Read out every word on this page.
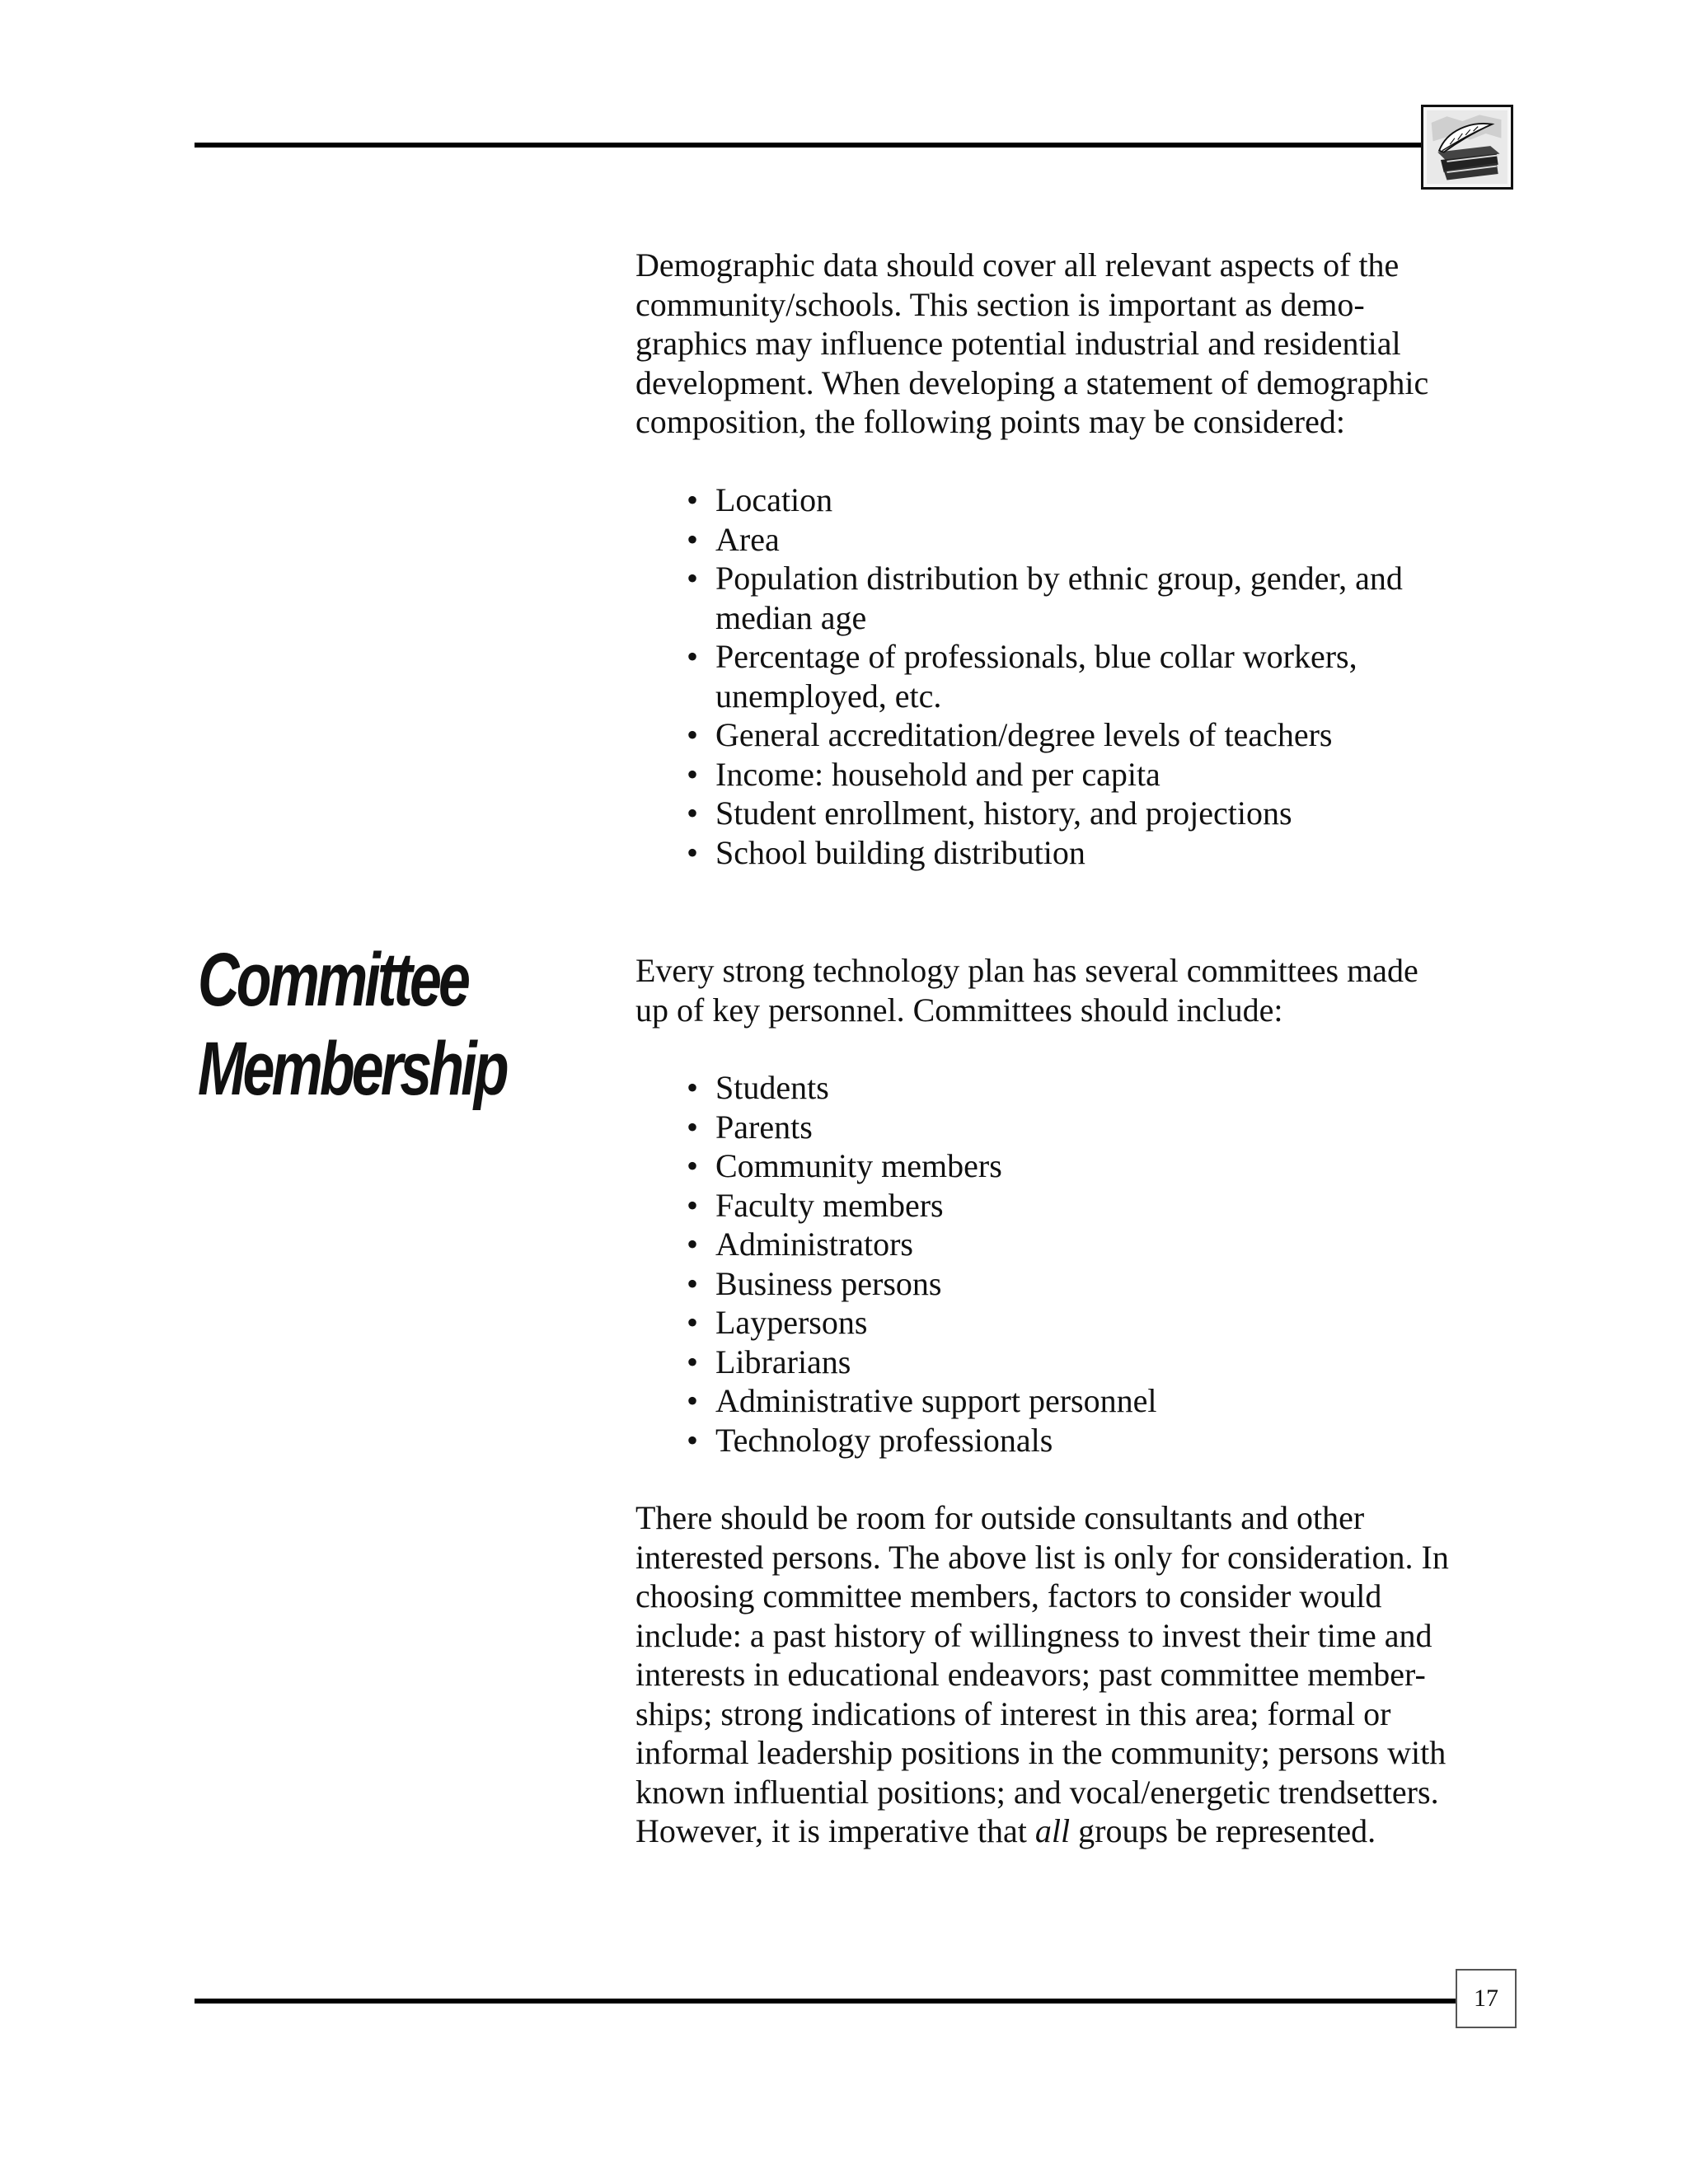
Committee
Membership

Demographic data should cover all relevant aspects of the

community/schools. This section is important as demo-

graphics may influence potential industrial and residential

development. When developing a statement of demographic

composition, the following points may be considered:

• Location
• Area
• Population distribution by ethnic group, gender, and

median age

• Percentage of professionals, blue collar workers,

unemployed, etc.

• General accreditation/degree levels of teachers
• Income: household and per capita
• Student enrollment, history, and projections
• School building distribution

Every strong technology plan has several committees made

up of key personnel. Committees should include:

• Students
• Parents
• Community members
• Faculty members
• Administrators
• Business persons
• Laypersons
• Librarians
• Administrative support personnel
• Technology professionals

There should be room for outside consultants and other

interested persons. The above list is only for consideration. In

choosing committee members, factors to consider would

include: a past history of willingness to invest their time and

interests in educational endeavors; past committee member-

ships; strong indications of interest in this area; formal or

informal leadership positions in the community; persons with

known influential positions; and vocal/energetic trendsetters.

However, it is imperative that all groups be represented.

17
